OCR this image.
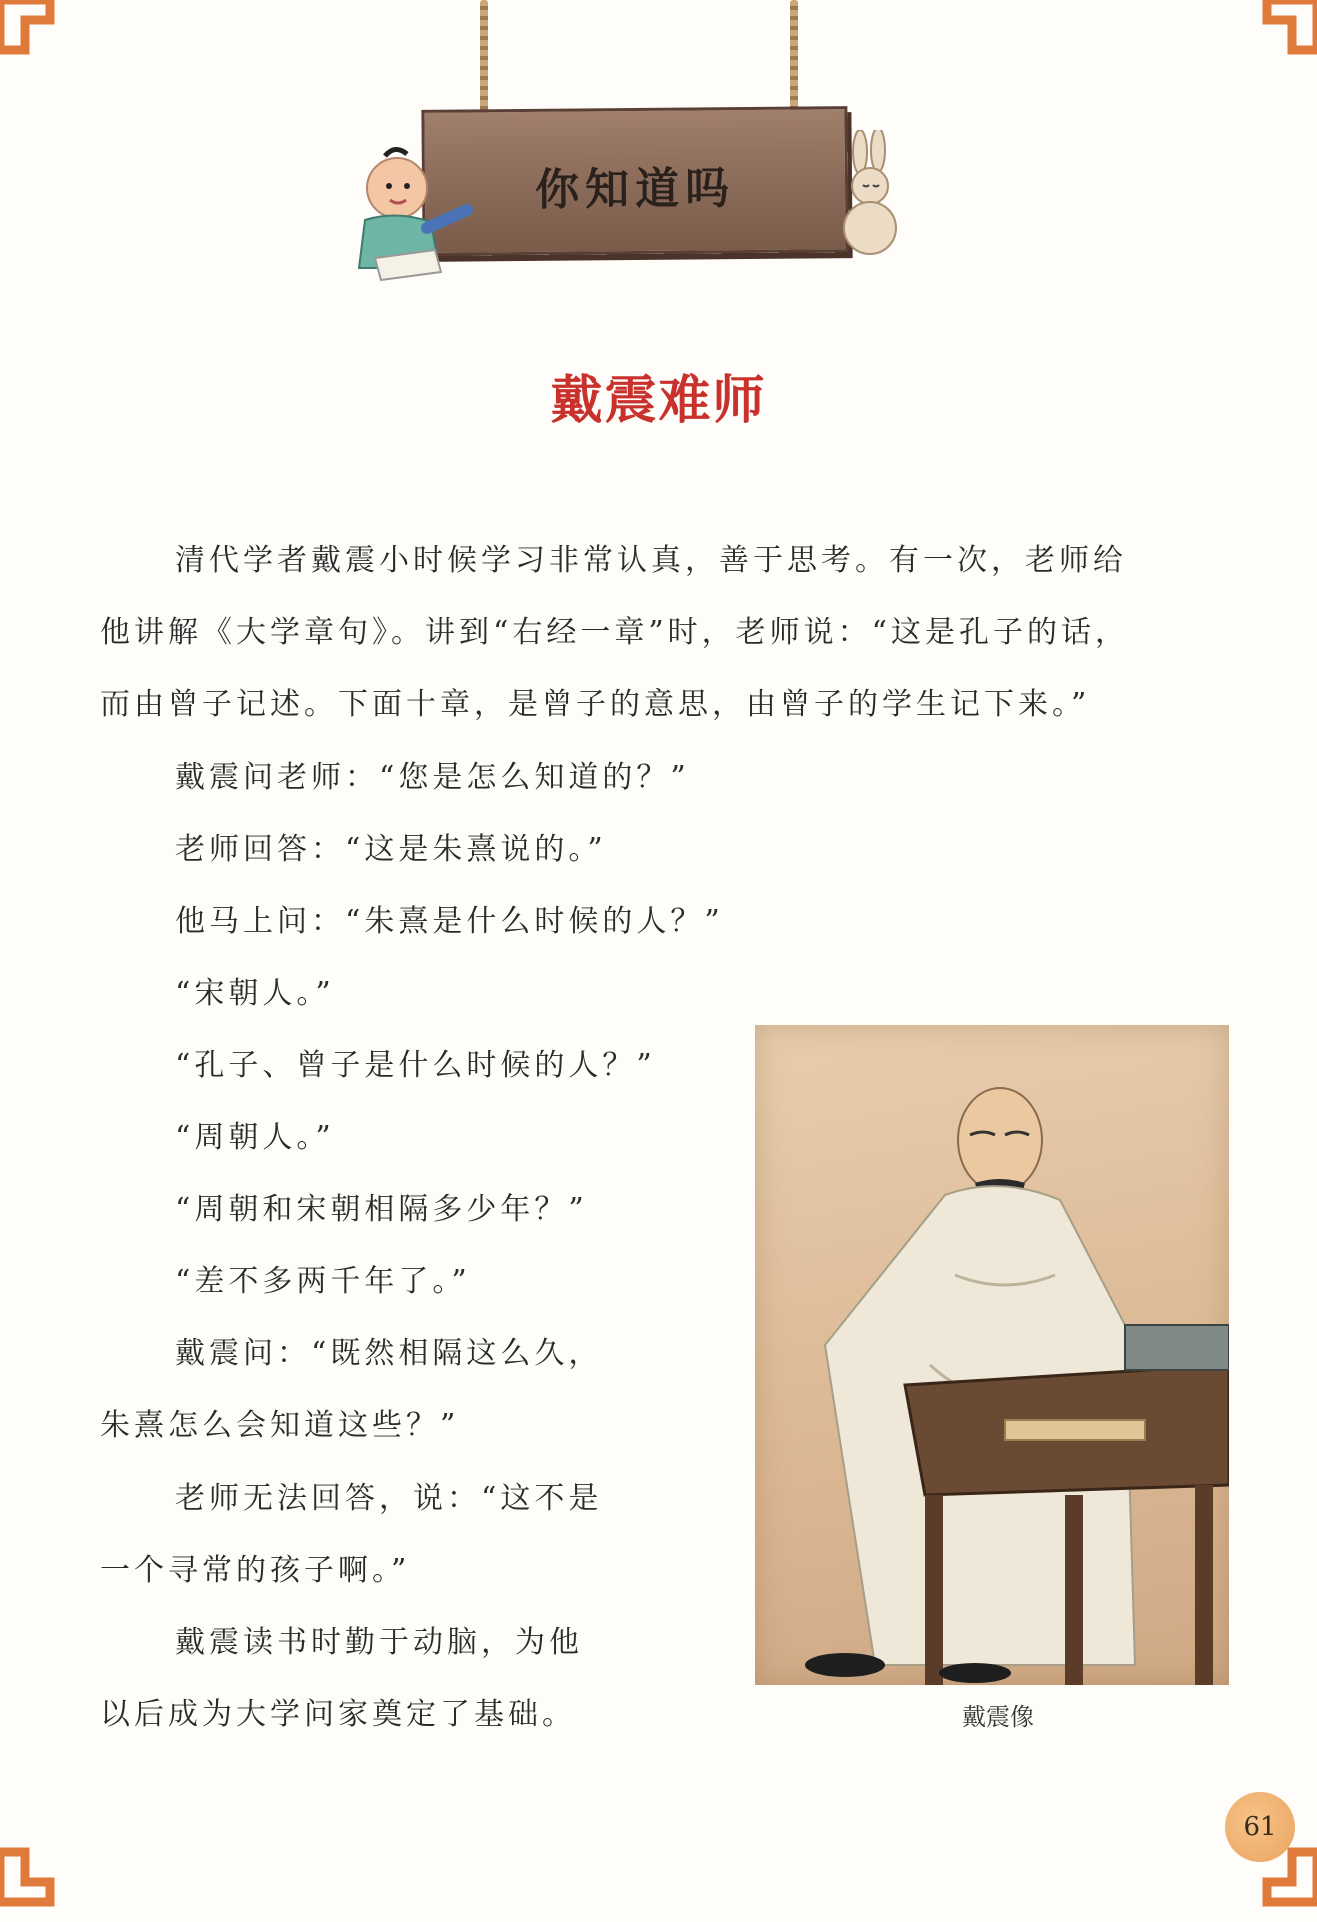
你知道吗
戴震难师
清代学者戴震小时候学习非常认真，善于思考。有一次，老师给
他讲解《大学章句》。讲到“右经一章”时，老师说：“这是孔子的话，
而由曾子记述。下面十章，是曾子的意思，由曾子的学生记下来。”
戴震问老师：“您是怎么知道的？”
老师回答：“这是朱熹说的。”
他马上问：“朱熹是什么时候的人？”
“宋朝人。”
“孔子、曾子是什么时候的人？”
“周朝人。”
“周朝和宋朝相隔多少年？”
“差不多两千年了。”
戴震问：“既然相隔这么久，
朱熹怎么会知道这些？”
老师无法回答，说：“这不是
一个寻常的孩子啊。”
戴震读书时勤于动脑，为他
以后成为大学问家奠定了基础。	戴震像
61
